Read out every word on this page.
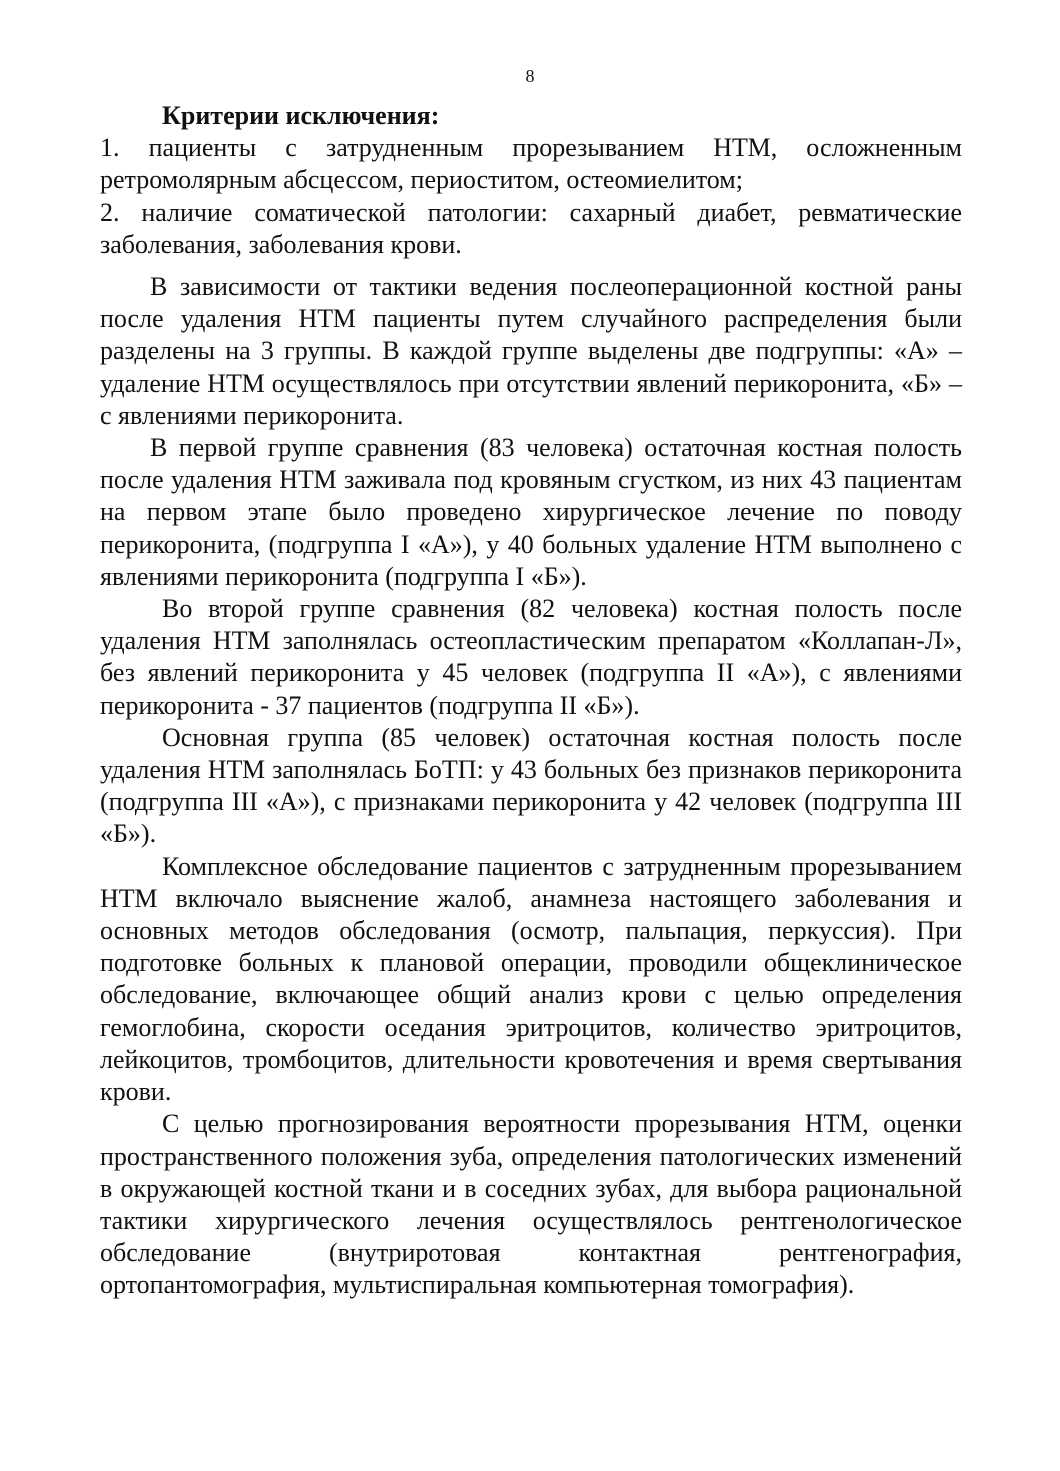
8

Критерии исключения:

1. пациенты с затрудненным прорезыванием НТМ, осложненным ретромолярным абсцессом, периоститом, остеомиелитом;

2. наличие соматической патологии: сахарный диабет, ревматические заболевания, заболевания крови.

В зависимости от тактики ведения послеоперационной костной раны после удаления НТМ пациенты путем случайного распределения были разделены на 3 группы. В каждой группе выделены две подгруппы: «А» – удаление НТМ осуществлялось при отсутствии явлений перикоронита, «Б» – с явлениями перикоронита.

В первой группе сравнения (83 человека) остаточная костная полость после удаления НТМ заживала под кровяным сгустком, из них 43 пациентам на первом этапе было проведено хирургическое лечение по поводу перикоронита, (подгруппа I «А»), у 40 больных удаление НТМ выполнено с явлениями перикоронита (подгруппа I «Б»).

Во второй группе сравнения (82 человека) костная полость после удаления НТМ заполнялась остеопластическим препаратом «Коллапан-Л», без явлений перикоронита у 45 человек (подгруппа II «А»), с явлениями перикоронита - 37 пациентов (подгруппа II «Б»).

Основная группа (85 человек) остаточная костная полость после удаления НТМ заполнялась БоТП: у 43 больных без признаков перикоронита (подгруппа III «А»), с признаками перикоронита у 42 человек (подгруппа III «Б»).

Комплексное обследование пациентов с затрудненным прорезыванием НТМ включало выяснение жалоб, анамнеза настоящего заболевания и основных методов обследования (осмотр, пальпация, перкуссия). При подготовке больных к плановой операции, проводили общеклиническое обследование, включающее общий анализ крови с целью определения гемоглобина, скорости оседания эритроцитов, количество эритроцитов, лейкоцитов, тромбоцитов, длительности кровотечения и время свертывания крови.

С целью прогнозирования вероятности прорезывания НТМ, оценки пространственного положения зуба, определения патологических изменений в окружающей костной ткани и в соседних зубах, для выбора рациональной тактики хирургического лечения осуществлялось рентгенологическое обследование (внутриротовая контактная рентгенография, ортопантомография, мультиспиральная компьютерная томография).
